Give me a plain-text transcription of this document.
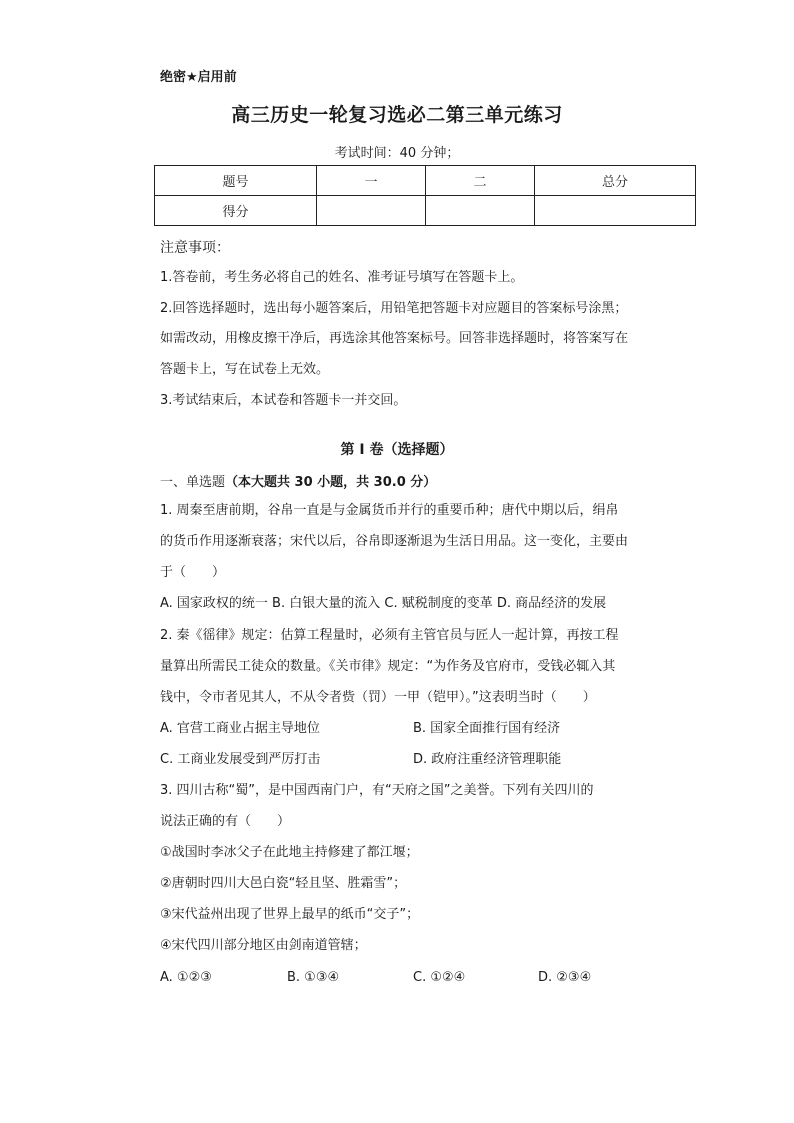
绝密★启用前
高三历史一轮复习选必二第三单元练习
考试时间：40 分钟；
题号	一	二	总分
得分			
注意事项：
1.答卷前，考生务必将自己的姓名、准考证号填写在答题卡上。
2.回答选择题时，选出每小题答案后，用铅笔把答题卡对应题目的答案标号涂黑；
如需改动，用橡皮擦干净后，再选涂其他答案标号。回答非选择题时，将答案写在
答题卡上，写在试卷上无效。
3.考试结束后，本试卷和答题卡一并交回。
第 I 卷（选择题）
一、单选题（本大题共 30 小题，共 30.0 分）
1. 周秦至唐前期，谷帛一直是与金属货币并行的重要币种；唐代中期以后，绢帛
的货币作用逐渐衰落；宋代以后，谷帛即逐渐退为生活日用品。这一变化，主要由
于（　　）
A. 国家政权的统一 B. 白银大量的流入 C. 赋税制度的变革 D. 商品经济的发展
2. 秦《徭律》规定：估算工程量时，必须有主管官员与匠人一起计算，再按工程
量算出所需民工徒众的数量。《关市律》规定：“为作务及官府市，受钱必辄入其
钱中，令市者见其人，不从令者赀（罚）一甲（铠甲）。”这表明当时（　　）
A. 官营工商业占据主导地位	B. 国家全面推行国有经济
C. 工商业发展受到严厉打击	D. 政府注重经济管理职能
3. 四川古称“蜀”，是中国西南门户，有“天府之国”之美誉。下列有关四川的
说法正确的有（　　）
①战国时李冰父子在此地主持修建了都江堰；
②唐朝时四川大邑白瓷“轻且坚、胜霜雪”；
③宋代益州出现了世界上最早的纸币“交子”；
④宋代四川部分地区由剑南道管辖；
A. ①②③	B. ①③④	C. ①②④	D. ②③④
